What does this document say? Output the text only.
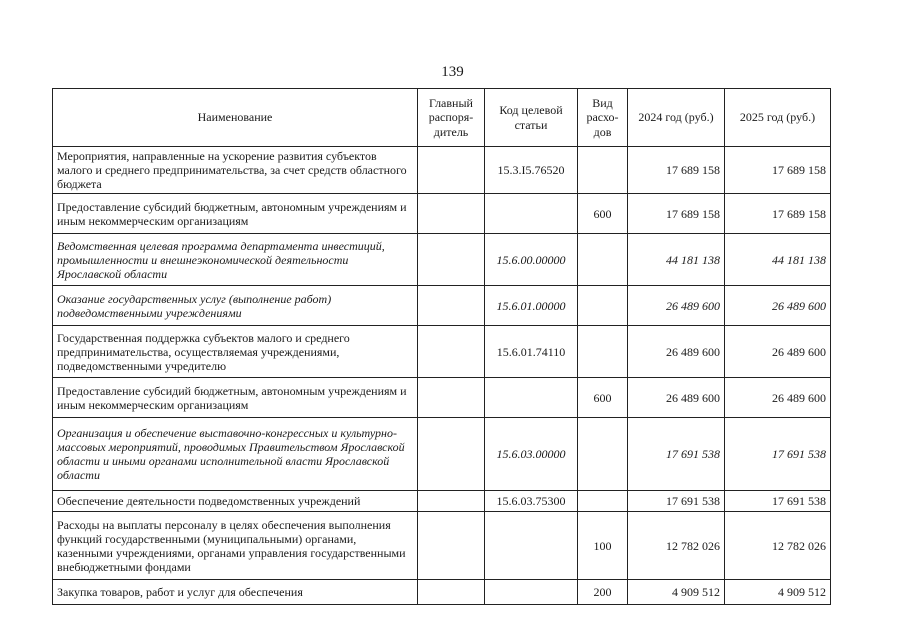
139
Наименование	Главный распоря-дитель	Код целевой статьи	Вид расхо-дов	2024 год (руб.)	2025 год (руб.)
Мероприятия, направленные на ускорение развития субъектов малого и среднего предпринимательства, за счет средств областного бюджета		15.3.I5.76520		17 689 158	17 689 158
Предоставление субсидий бюджетным, автономным учреждениям и иным некоммерческим организациям			600	17 689 158	17 689 158
Ведомственная целевая программа департамента инвестиций, промышленности и внешнеэкономической деятельности Ярославской области		15.6.00.00000		44 181 138	44 181 138
Оказание государственных услуг (выполнение работ) подведомственными учреждениями		15.6.01.00000		26 489 600	26 489 600
Государственная поддержка субъектов малого и среднего предпринимательства, осуществляемая учреждениями, подведомственными учредителю		15.6.01.74110		26 489 600	26 489 600
Предоставление субсидий бюджетным, автономным учреждениям и иным некоммерческим организациям			600	26 489 600	26 489 600
Организация и обеспечение выставочно-конгрессных и культурно-массовых мероприятий, проводимых Правительством Ярославской области и иными органами исполнительной власти Ярославской области		15.6.03.00000		17 691 538	17 691 538
Обеспечение деятельности подведомственных учреждений		15.6.03.75300		17 691 538	17 691 538
Расходы на выплаты персоналу в целях обеспечения выполнения функций государственными (муниципальными) органами, казенными учреждениями, органами управления государственными внебюджетными фондами			100	12 782 026	12 782 026
Закупка товаров, работ и услуг для обеспечения			200	4 909 512	4 909 512
